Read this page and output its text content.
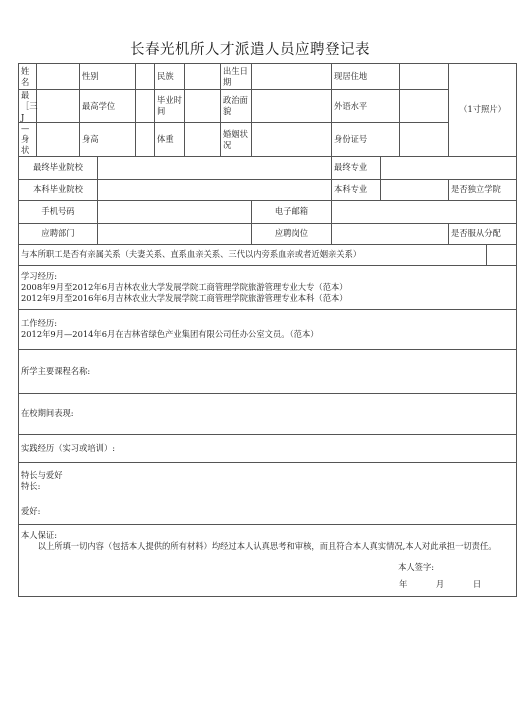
长春光机所人才派遣人员应聘登记表
姓名		性别			民族		出生日期		现居住地			（1寸照片）	
最［三J		最高学位			毕业时间		政治面貌		外语水平				
—身状		身高			体重		婚姻状况		身份证号				
最终毕业院校									最终专业				
本科毕业院校									本科专业			是否独立学院	
手机号码								电子邮箱					
应聘部门								应聘岗位				是否服从分配	
与本所职工是否有亲属关系（夫妻关系、直系血亲关系、三代以内旁系血亲或者近姻亲关系）													

学习经历:
2008年9月至2012年6月吉林农业大学发展学院工商管理学院旅游管理专业大专（范本）
2012年9月至2016年6月吉林农业大学发展学院工商管理学院旅游管理专业本科（范本）													

工作经历:
2012年9月—2014年6月在吉林省绿色产业集团有限公司任办公室文员。（范本）													

所学主要课程名称:													

在校期间表现:													

实践经历（实习或培训）:													

特长与爱好
特长:
爱好:													

本人保证:
以上所填一切内容（包括本人提供的所有材料）均经过本人认真思考和审核，而且符合本人真实情况,本人对此承担一切责任。
本人签字:
年 月 日													
